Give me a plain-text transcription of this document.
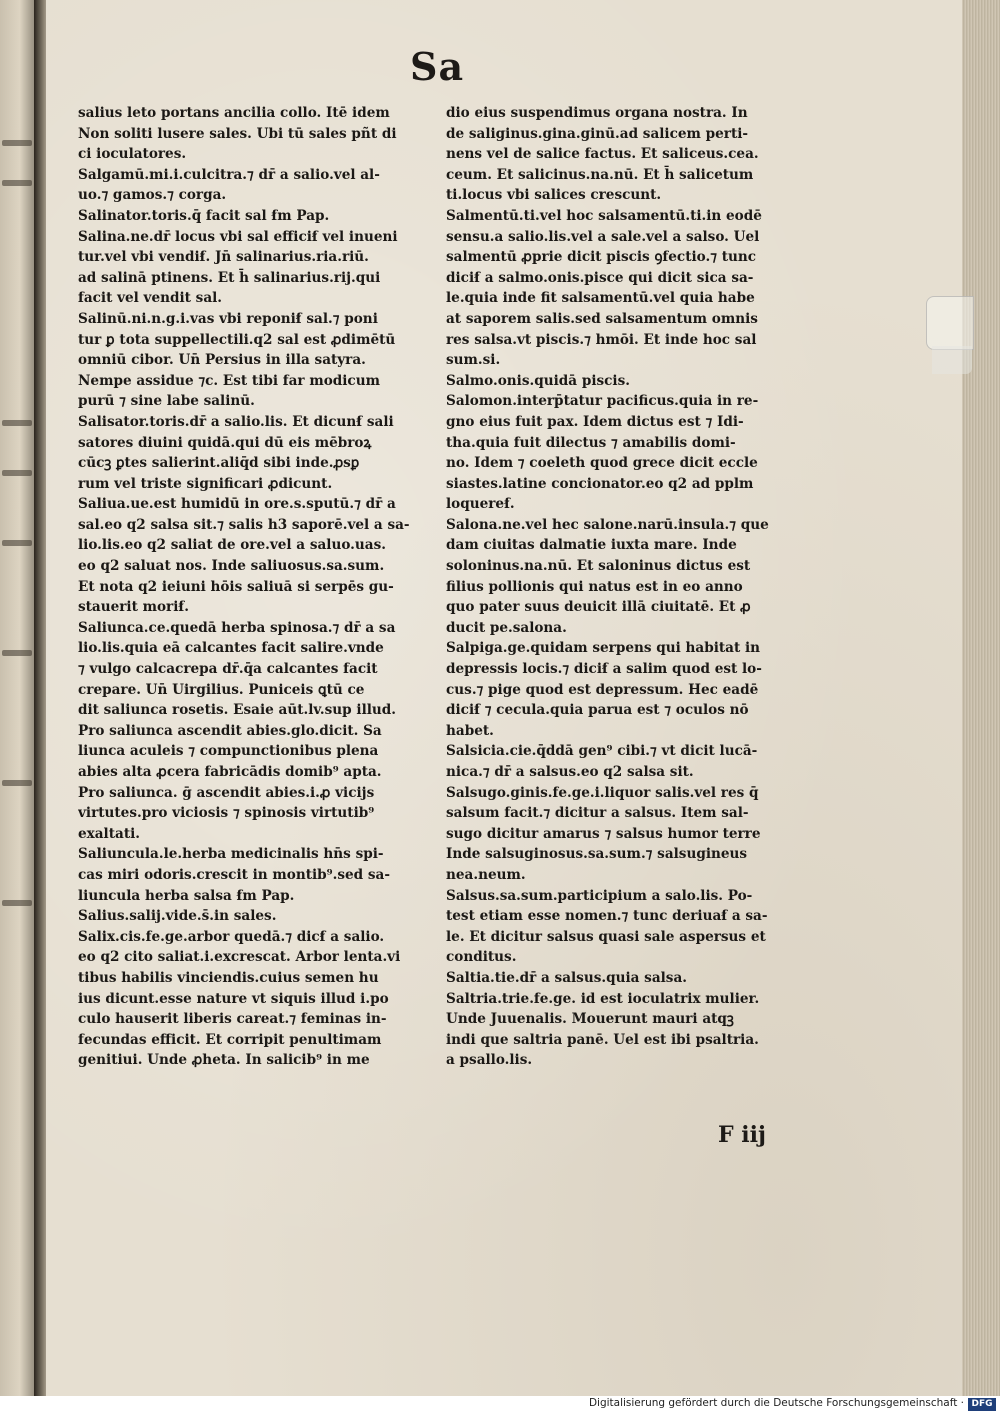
Sa
salius leto portans ancilia collo. Itē idem
Non soliti lusere sales. Ubi tū sales pñt di
ci ioculatores.
Salgamū.mi.i.culcitra.⁊ dr̄ a salio.vel al-
uo.⁊ gamos.⁊ corga.
Salinator.toris.q̄ facit sal ẜm Pap.
Salina.ne.dr̄ locus vbi sal efficiẜ vel inueni
tur.vel vbi vendiẜ. Jn̄ salinarius.ria.riū.
ad salinā ptinens. Et h̄ salinarius.rij.qui
facit vel vendit sal.
Salinū.ni.n.g.i.vas vbi reponiẜ sal.⁊ poni
tur ꝑ tota suppellectili.q2 sal est ꝓdimētū
omniū cibor. Un̄ Persius in illa satyra.
Nempe assidue ⁊c. Est tibi far modicum
purū ⁊ sine labe salinū.
Salisator.toris.dr̄ a salio.lis. Et dicunẜ sali
satores diuini quidā.qui dū eis mēbroꝝ
cūcꝫ ꝑtes salierint.aliq̄d sibi inde.ꝓsꝑ
rum vel triste significari ꝓdicunt.
Saliua.ue.est humidū in ore.s.sputū.⁊ dr̄ a
sal.eo q2 salsa sit.⁊ salis h3 saporē.vel a sa-
lio.lis.eo q2 saliat de ore.vel a saluo.uas.
eo q2 saluat nos. Inde saliuosus.sa.sum.
Et nota q2 ieiuni hōis saliuā si serpēs gu-
stauerit moriẜ.
Saliunca.ce.quedā herba spinosa.⁊ dr̄ a sa
lio.lis.quia eā calcantes facit salire.vnde
⁊ vulgo calcacrepa dr̄.q̄a calcantes facit
crepare. Un̄ Uirgilius. Puniceis ꝗtū ce
dit saliunca rosetis. Esaie aūt.lv.sup illud.
Pro saliunca ascendit abies.glo.dicit. Sa
liunca aculeis ⁊ compunctionibus plena
abies alta ꝓcera fabricādis domib⁹ apta.
Pro saliunca. ḡ ascendit abies.i.ꝓ vicijs
virtutes.pro viciosis ⁊ spinosis virtutib⁹
exaltati.
Saliuncula.le.herba medicinalis hn̄s spi-
cas miri odoris.crescit in montib⁹.sed sa-
liuncula herba salsa ẜm Pap.
Salius.salij.vide.s̄.in sales.
Salix.cis.fe.ge.arbor quedā.⁊ dicẜ a salio.
eo q2 cito saliat.i.excrescat. Arbor lenta.vi
tibus habilis vinciendis.cuius semen hu
ius dicunt.esse nature vt siquis illud i.po
culo hauserit liberis careat.⁊ feminas in-
fecundas efficit. Et corripit penultimam
genitiui. Unde ꝓheta. In salicib⁹ in me
dio eius suspendimus organa nostra. In
de saliginus.gina.ginū.ad salicem perti-
nens vel de salice factus. Et saliceus.cea.
ceum. Et salicinus.na.nū. Et h̄ salicetum
ti.locus vbi salices crescunt.
Salmentū.ti.vel hoc salsamentū.ti.in eodē
sensu.a salio.lis.vel a sale.vel a salso. Uel
salmentū ꝓprie dicit piscis ꝯfectio.⁊ tunc
diciẜ a salmo.onis.pisce qui dicit sica sa-
le.quia inde fit salsamentū.vel quia habe
at saporem salis.sed salsamentum omnis
res salsa.vt piscis.⁊ hmōi. Et inde hoc sal
sum.si.
Salmo.onis.quidā piscis.
Salomon.interp̄tatur pacificus.quia in re-
gno eius fuit pax. Idem dictus est ⁊ Idi-
tha.quia fuit dilectus ⁊ amabilis domi-
no. Idem ⁊ coeleth quod grece dicit eccle
siastes.latine concionator.eo q2 ad pplm
loquereẜ.
Salona.ne.vel hec salone.narū.insula.⁊ que
dam ciuitas dalmatie iuxta mare. Inde
soloninus.na.nū. Et saloninus dictus est
filius pollionis qui natus est in eo anno
quo pater suus deuicit illā ciuitatē. Et ꝓ
ducit pe.salona.
Salpiga.ge.quidam serpens qui habitat in
depressis locis.⁊ diciẜ a salim quod est lo-
cus.⁊ pige quod est depressum. Hec eadē
diciẜ ⁊ cecula.quia parua est ⁊ oculos nō
habet.
Salsicia.cie.q̄ddā gen⁹ cibi.⁊ vt dicit lucā-
nica.⁊ dr̄ a salsus.eo q2 salsa sit.
Salsugo.ginis.fe.ge.i.liquor salis.vel res q̄
salsum facit.⁊ dicitur a salsus. Item sal-
sugo dicitur amarus ⁊ salsus humor terre
Inde salsuginosus.sa.sum.⁊ salsugineus
nea.neum.
Salsus.sa.sum.participium a salo.lis. Po-
test etiam esse nomen.⁊ tunc deriuaẜ a sa-
le. Et dicitur salsus quasi sale aspersus et
conditus.
Saltia.tie.dr̄ a salsus.quia salsa.
Saltria.trie.fe.ge. id est ioculatrix mulier.
Unde Juuenalis. Mouerunt mauri atqꝫ
indi que saltria panē. Uel est ibi psaltria.
a psallo.lis.
F iij
Digitalisierung gefördert durch die Deutsche Forschungsgemeinschaft · DFG
